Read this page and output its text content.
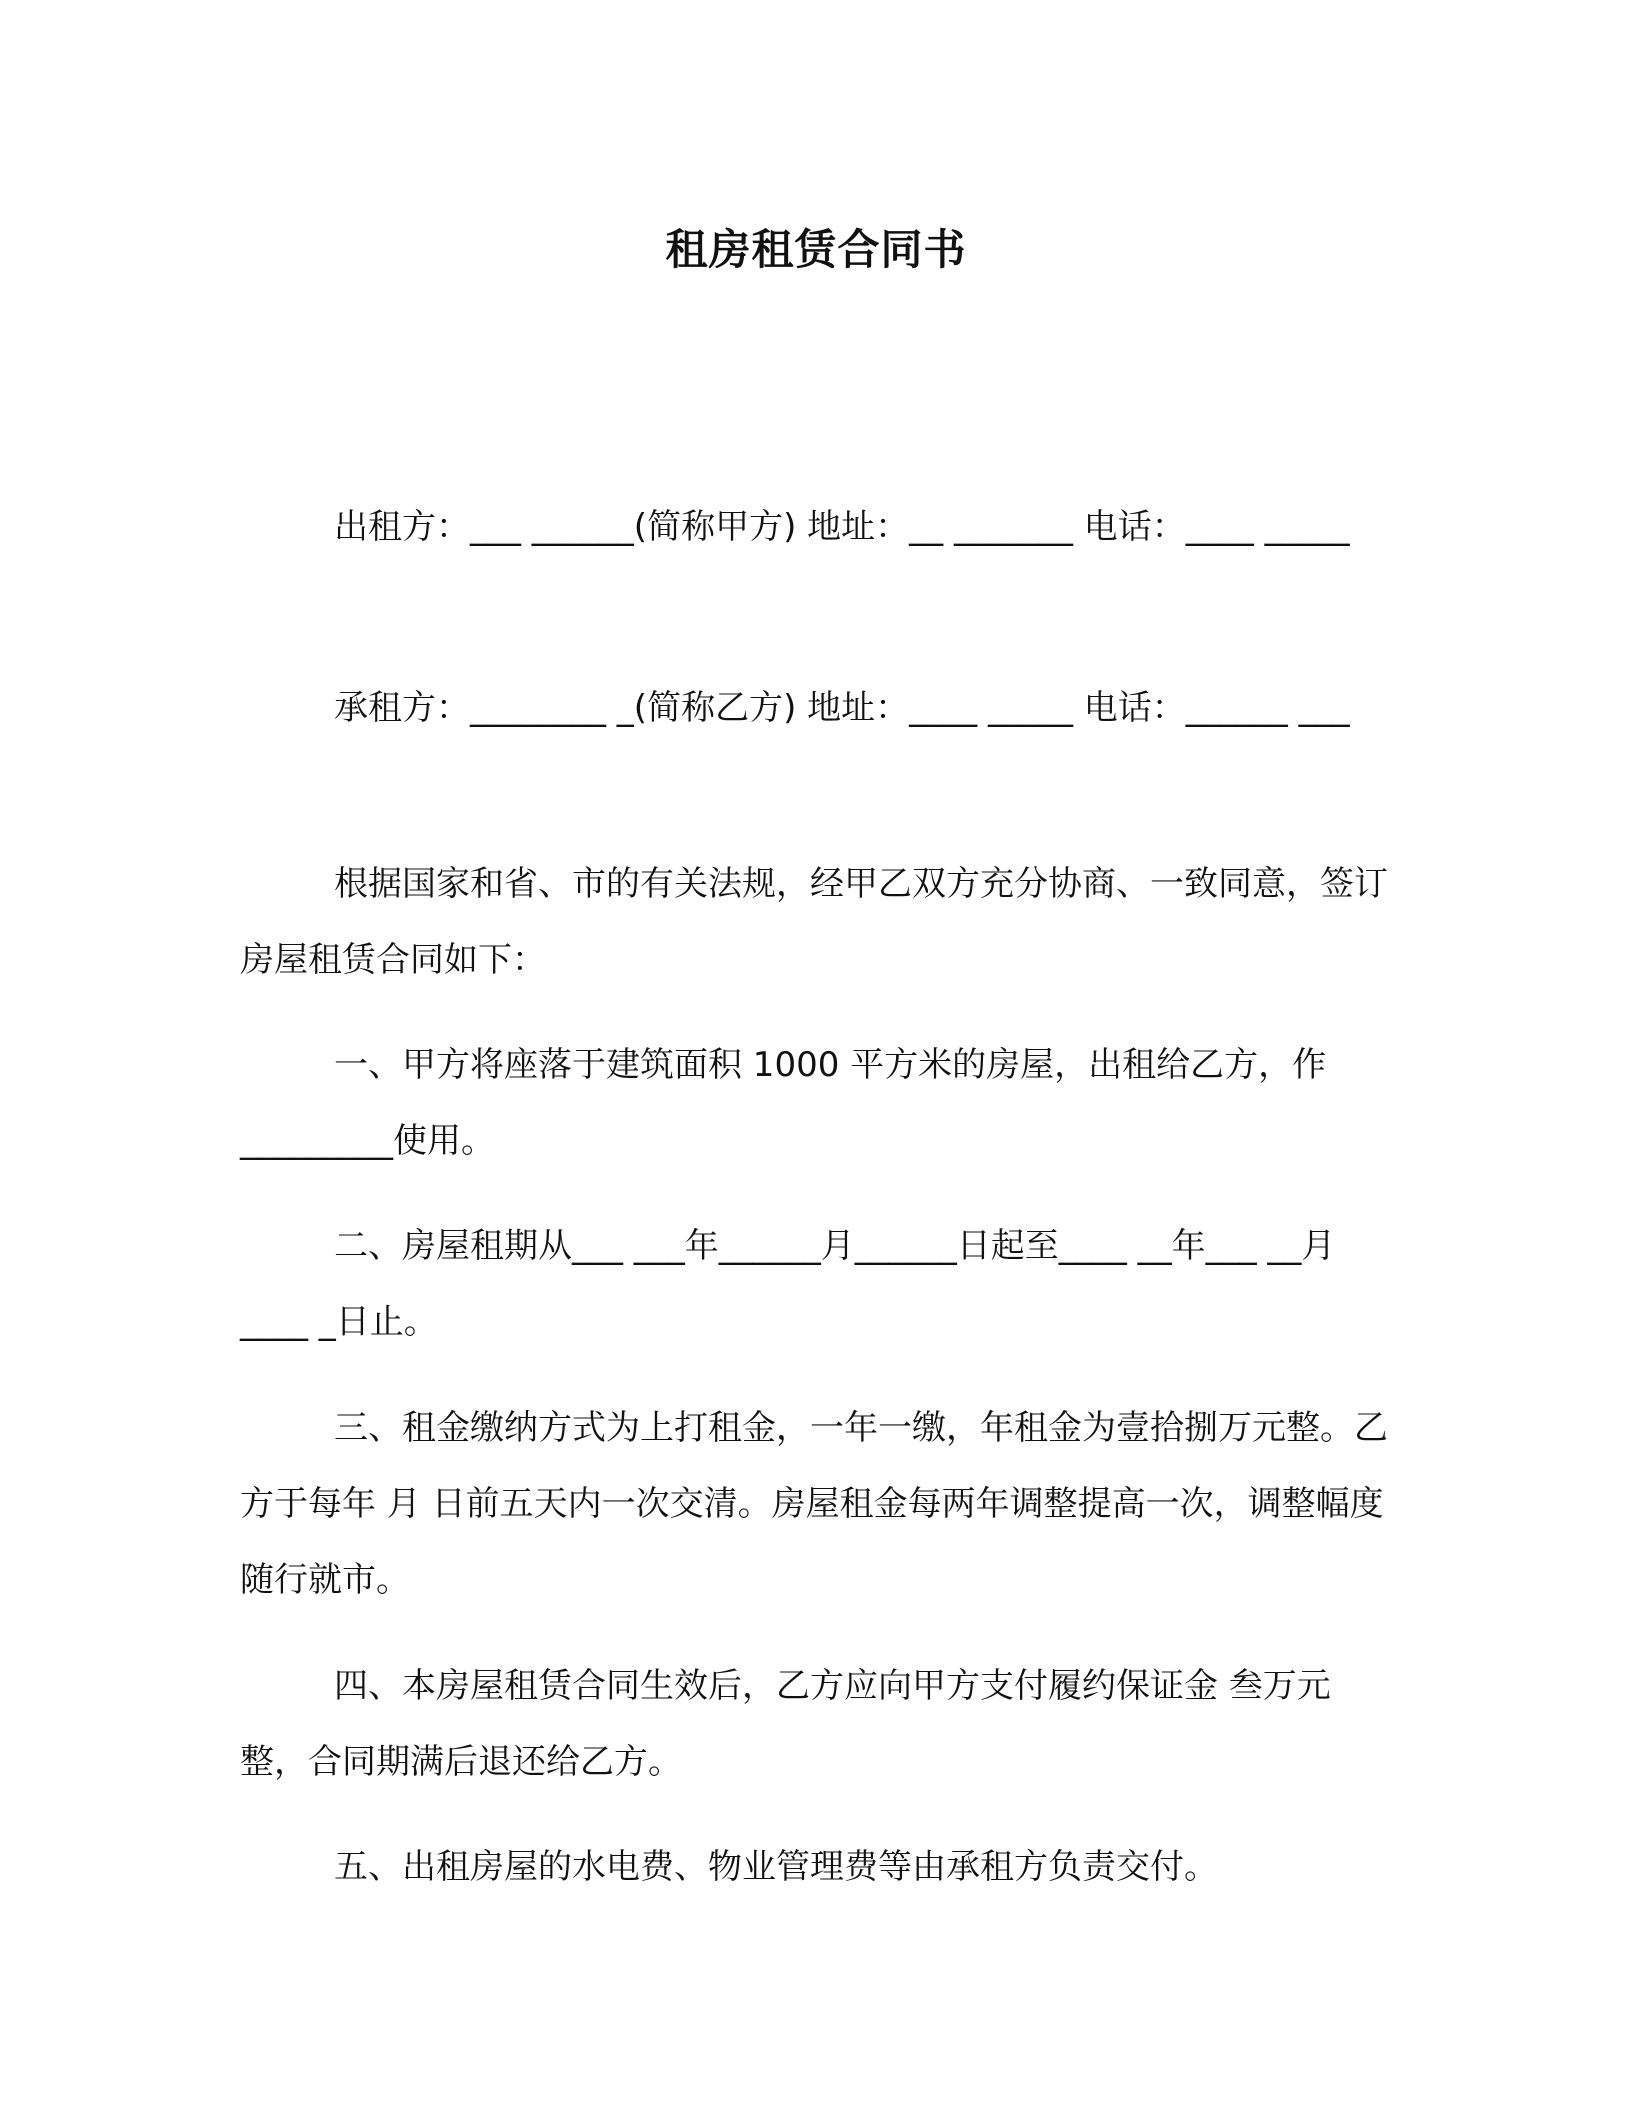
租房租赁合同书

出租方：___ ______(简称甲方) 地址：__ _______ 电话：____ _____

承租方：________ _(简称乙方) 地址：____ _____ 电话：______ ___

根据国家和省、市的有关法规，经甲乙双方充分协商、一致同意，签订房屋租赁合同如下：

一、甲方将座落于建筑面积 1000 平方米的房屋，出租给乙方，作_________使用。

二、房屋租期从___ ___年______月______日起至____ __年___ __月____ _日止。

三、租金缴纳方式为上打租金，一年一缴，年租金为壹拾捌万元整。乙方于每年 月 日前五天内一次交清。房屋租金每两年调整提高一次，调整幅度随行就市。

四、本房屋租赁合同生效后，乙方应向甲方支付履约保证金 叁万元整，合同期满后退还给乙方。

五、出租房屋的水电费、物业管理费等由承租方负责交付。
